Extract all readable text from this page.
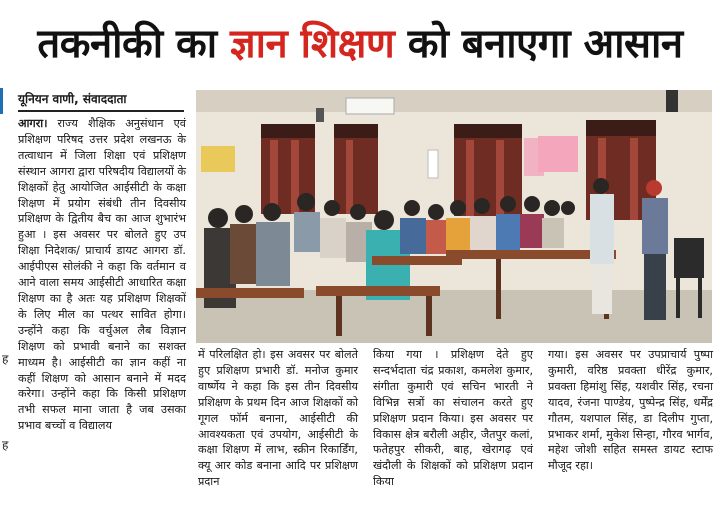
तकनीकी का ज्ञान शिक्षण को बनाएगा आसान
ह
ह
यूनियन वाणी, संवाददाता

आगरा। राज्य शैक्षिक अनुसंधान एवं प्रशिक्षण परिषद उत्तर प्रदेश लखनऊ के तत्वाधान में जिला शिक्षा एवं प्रशिक्षण संस्थान आगरा द्वारा परिषदीय विद्यालयों के शिक्षकों हेतु आयोजित आईसीटी के कक्षा शिक्षण में प्रयोग संबंधी तीन दिवसीय प्रशिक्षण के द्वितीय बैच का आज शुभारंभ हुआ । इस अवसर पर बोलते हुए उप शिक्षा निदेशक/ प्राचार्य डायट आगरा डॉ. आईपीएस सोलंकी ने कहा कि वर्तमान व आने वाला समय आईसीटी आधारित कक्षा शिक्षण का है अतः यह प्रशिक्षण शिक्षकों के लिए मील का पत्थर सावित होगा। उन्होंने कहा कि वर्चुअल लैब विज्ञान शिक्षण को प्रभावी बनाने का सशक्त माध्यम है। आईसीटी का ज्ञान कहीं ना कहीं शिक्षण को आसान बनाने में मदद करेगा। उन्होंने कहा कि किसी प्रशिक्षण तभी सफल माना जाता है जब उसका प्रभाव बच्चों व विद्यालय

में परिलक्षित हो। इस अवसर पर बोलते हुए प्रशिक्षण प्रभारी डॉ. मनोज कुमार वार्ष्णेय ने कहा कि इस तीन दिवसीय प्रशिक्षण के प्रथम दिन आज शिक्षकों को गूगल फॉर्म बनाना, आईसीटी की आवश्यकता एवं उपयोग, आईसीटी के कक्षा शिक्षण में लाभ, स्क्रीन रिकार्डिंग, क्यू आर कोड बनाना आदि पर प्रशिक्षण प्रदान

किया गया । प्रशिक्षण देते हुए सन्दर्भदाता चंद्र प्रकाश, कमलेश कुमार, संगीता कुमारी एवं सचिन भारती ने विभिन्न सत्रों का संचालन करते हुए प्रशिक्षण प्रदान किया। इस अवसर पर विकास क्षेत्र बरौली अहीर, जैतपुर कलां, फतेहपुर सीकरी, बाह, खेरागढ़ एवं खंदौली के शिक्षकों को प्रशिक्षण प्रदान किया

गया। इस अवसर पर उपप्राचार्य पुष्पा कुमारी, वरिष्ठ प्रवक्ता धीरेंद्र कुमार, प्रवक्ता हिमांशु सिंह, यशवीर सिंह, रचना यादव, रंजना पाण्डेय, पुष्पेन्द्र सिंह, धर्मेंद्र गौतम, यशपाल सिंह, डा दिलीप गुप्ता, प्रभाकर शर्मा, मुकेश सिन्हा, गौरव भार्गव, महेश जोशी सहित समस्त डायट स्टाफ मौजूद रहा।
